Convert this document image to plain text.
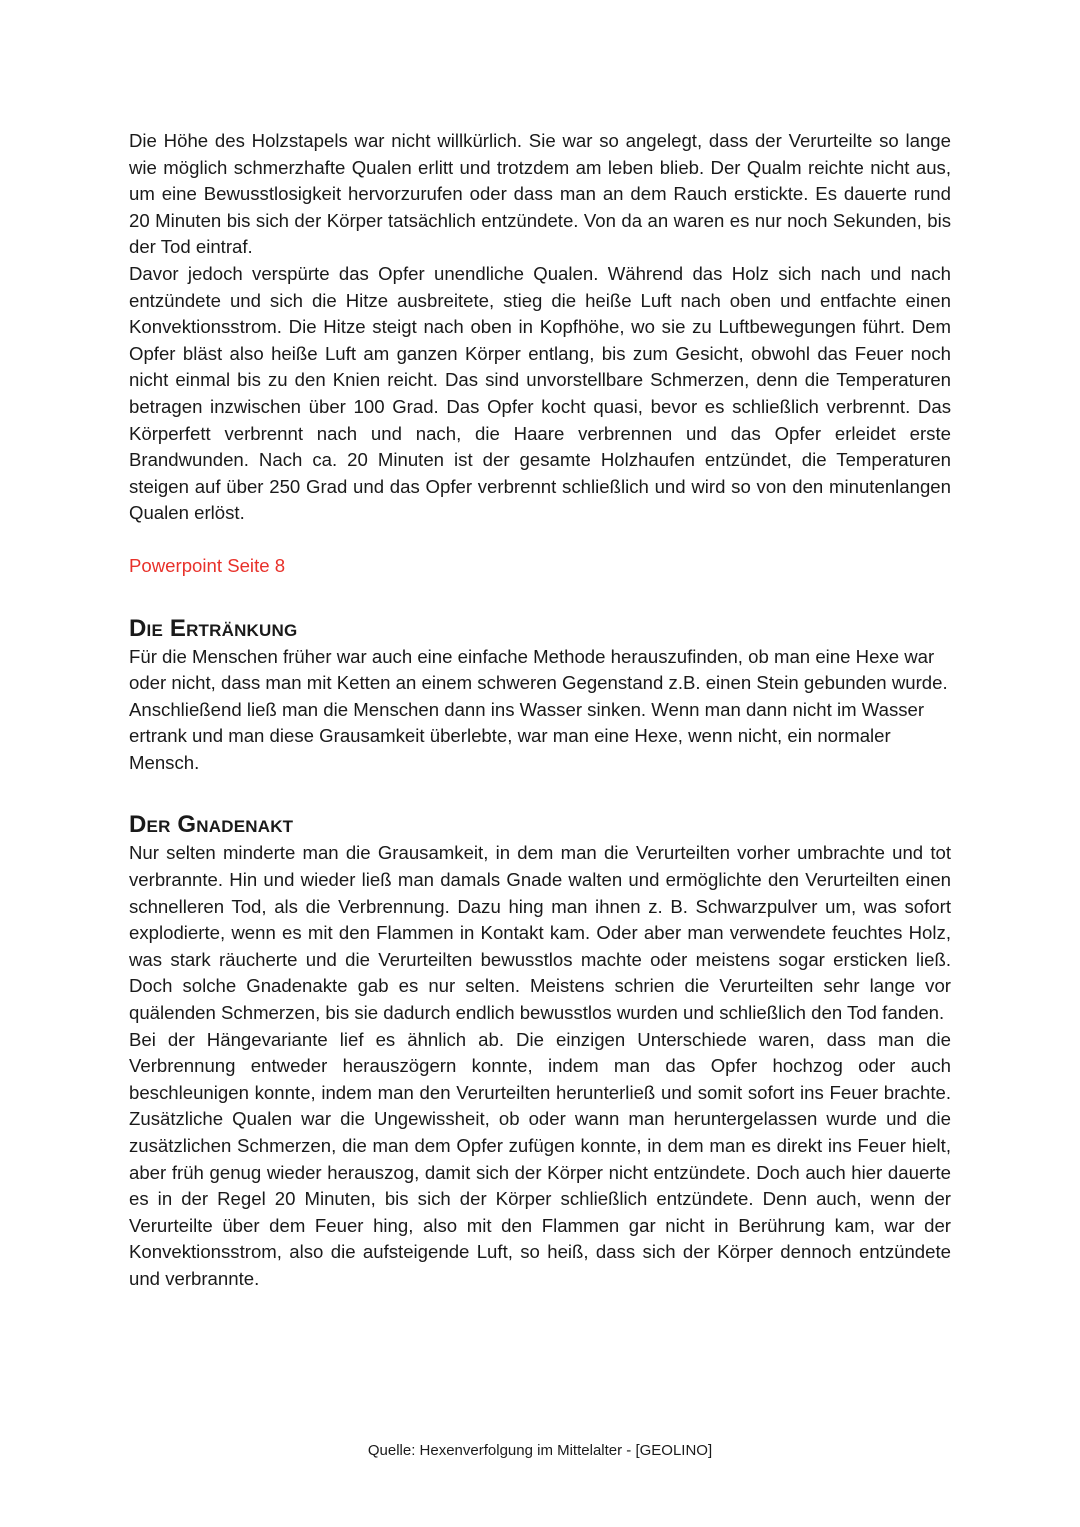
Die Höhe des Holzstapels war nicht willkürlich. Sie war so angelegt, dass der Verurteilte so lange wie möglich schmerzhafte Qualen erlitt und trotzdem am leben blieb. Der Qualm reichte nicht aus, um eine Bewusstlosigkeit hervorzurufen oder dass man an dem Rauch erstickte. Es dauerte rund 20 Minuten bis sich der Körper tatsächlich entzündete. Von da an waren es nur noch Sekunden, bis der Tod eintraf.

Davor jedoch verspürte das Opfer unendliche Qualen. Während das Holz sich nach und nach entzündete und sich die Hitze ausbreitete, stieg die heiße Luft nach oben und entfachte einen Konvektionsstrom. Die Hitze steigt nach oben in Kopfhöhe, wo sie zu Luftbewegungen führt. Dem Opfer bläst also heiße Luft am ganzen Körper entlang, bis zum Gesicht, obwohl das Feuer noch nicht einmal bis zu den Knien reicht. Das sind unvorstellbare Schmerzen, denn die Temperaturen betragen inzwischen über 100 Grad. Das Opfer kocht quasi, bevor es schließlich verbrennt. Das Körperfett verbrennt nach und nach, die Haare verbrennen und das Opfer erleidet erste Brandwunden. Nach ca. 20 Minuten ist der gesamte Holzhaufen entzündet, die Temperaturen steigen auf über 250 Grad und das Opfer verbrennt schließlich und wird so von den minutenlangen Qualen erlöst.

Powerpoint Seite 8

Die Ertränkung

Für die Menschen früher war auch eine einfache Methode herauszufinden, ob man eine Hexe war oder nicht, dass man mit Ketten an einem schweren Gegenstand z.B. einen Stein gebunden wurde. Anschließend ließ man die Menschen dann ins Wasser sinken. Wenn man dann nicht im Wasser ertrank und man diese Grausamkeit überlebte, war man eine Hexe, wenn nicht, ein normaler Mensch.

Der Gnadenakt

Nur selten minderte man die Grausamkeit, in dem man die Verurteilten vorher umbrachte und tot verbrannte. Hin und wieder ließ man damals Gnade walten und ermöglichte den Verurteilten einen schnelleren Tod, als die Verbrennung. Dazu hing man ihnen z. B. Schwarzpulver um, was sofort explodierte, wenn es mit den Flammen in Kontakt kam. Oder aber man verwendete feuchtes Holz, was stark räucherte und die Verurteilten bewusstlos machte oder meistens sogar ersticken ließ. Doch solche Gnadenakte gab es nur selten. Meistens schrien die Verurteilten sehr lange vor quälenden Schmerzen, bis sie dadurch endlich bewusstlos wurden und schließlich den Tod fanden.

Bei der Hängevariante lief es ähnlich ab. Die einzigen Unterschiede waren, dass man die Verbrennung entweder herauszögern konnte, indem man das Opfer hochzog oder auch beschleunigen konnte, indem man den Verurteilten herunterließ und somit sofort ins Feuer brachte. Zusätzliche Qualen war die Ungewissheit, ob oder wann man heruntergelassen wurde und die zusätzlichen Schmerzen, die man dem Opfer zufügen konnte, in dem man es direkt ins Feuer hielt, aber früh genug wieder herauszog, damit sich der Körper nicht entzündete. Doch auch hier dauerte es in der Regel 20 Minuten, bis sich der Körper schließlich entzündete. Denn auch, wenn der Verurteilte über dem Feuer hing, also mit den Flammen gar nicht in Berührung kam, war der Konvektionsstrom, also die aufsteigende Luft, so heiß, dass sich der Körper dennoch entzündete und verbrannte.

Quelle: Hexenverfolgung im Mittelalter - [GEOLINO]
